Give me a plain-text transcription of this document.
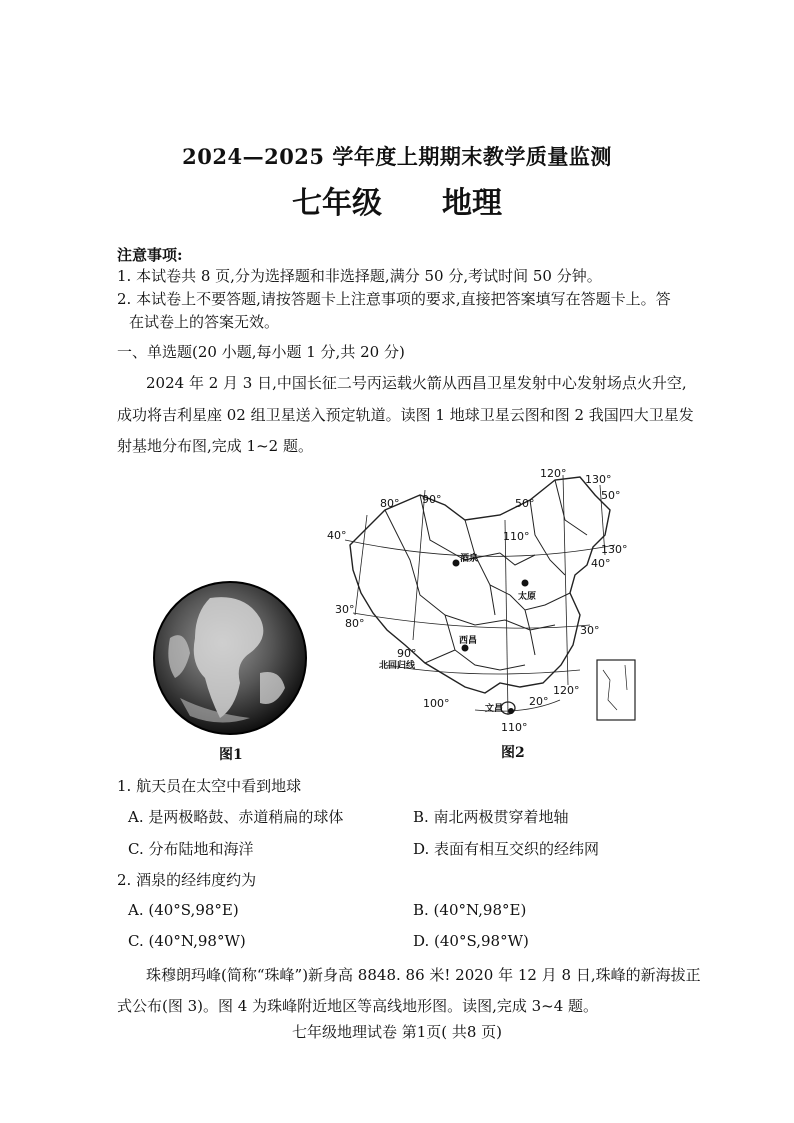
2024—2025 学年度上期期末教学质量监测
七年级 地理
注意事项:
1. 本试卷共 8 页,分为选择题和非选择题,满分 50 分,考试时间 50 分钟。
2. 本试卷上不要答题,请按答题卡上注意事项的要求,直接把答案填写在答题卡上。答
在试卷上的答案无效。
一、单选题(20 小题,每小题 1 分,共 20 分)
2024 年 2 月 3 日,中国长征二号丙运载火箭从西昌卫星发射中心发射场点火升空,
成功将吉利星座 02 组卫星送入预定轨道。读图 1 地球卫星云图和图 2 我国四大卫星发
射基地分布图,完成 1~2 题。
图1
80° 90°
110°
120° 130°
50°
50°
40°
40°
130°
30°
30°
80°
90°
100°
120°
20°
110°
酒泉
太原
西昌
文昌
北回归线
图2
1. 航天员在太空中看到地球
A. 是两极略鼓、赤道稍扁的球体	B. 南北两极贯穿着地轴
C. 分布陆地和海洋	D. 表面有相互交织的经纬网
2. 酒泉的经纬度约为
A. (40°S,98°E)	B. (40°N,98°E)
C. (40°N,98°W)	D. (40°S,98°W)
珠穆朗玛峰(简称“珠峰”)新身高 8848. 86 米! 2020 年 12 月 8 日,珠峰的新海拔正
式公布(图 3)。图 4 为珠峰附近地区等高线地形图。读图,完成 3~4 题。
七年级地理试卷 第1页( 共8 页)
